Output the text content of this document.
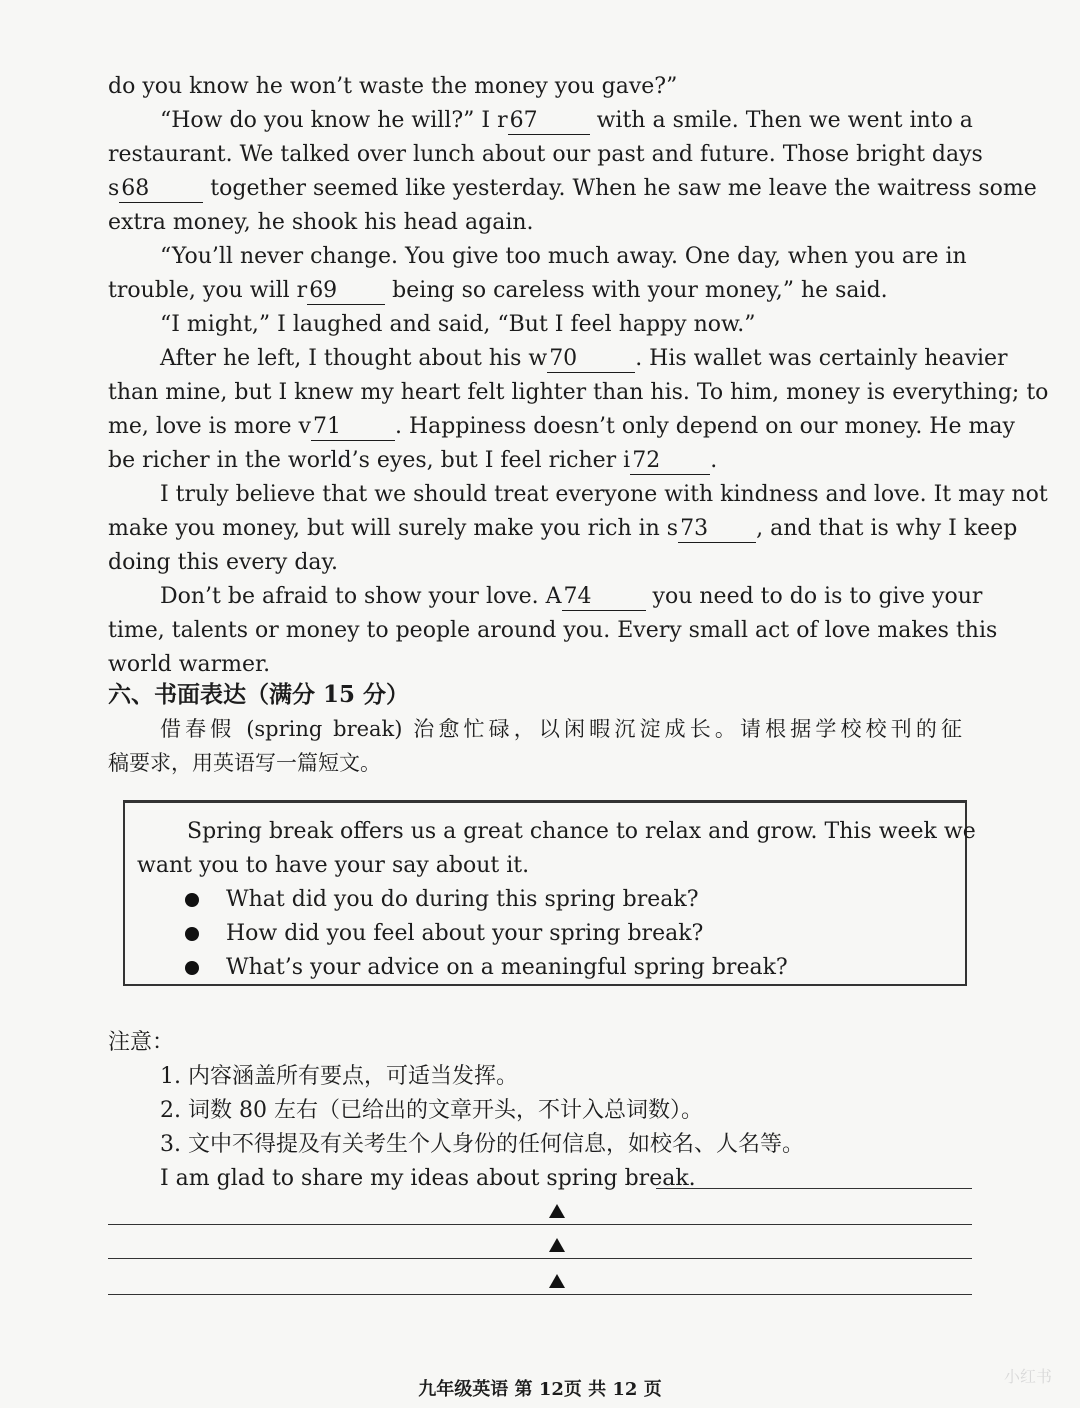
do you know he won’t waste the money you gave?”
“How do you know he will?” I r67 with a smile. Then we went into a
restaurant. We talked over lunch about our past and future. Those bright days
s68 together seemed like yesterday. When he saw me leave the waitress some
extra money, he shook his head again.
“You’ll never change. You give too much away. One day, when you are in
trouble, you will r69 being so careless with your money,” he said.
“I might,” I laughed and said, “But I feel happy now.”
After he left, I thought about his w70	. His wallet was certainly heavier
than mine, but I knew my heart felt lighter than his. To him, money is everything; to
me, love is more v71 . Happiness doesn’t only depend on our money. He may
be richer in the world’s eyes, but I feel richer i72 .
I truly believe that we should treat everyone with kindness and love. It may not
make you money, but will surely make you rich in s73 , and that is why I keep
doing this every day.
Don’t be afraid to show your love. A74 you need to do is to give your
time, talents or money to people around you. Every small act of love makes this
world warmer.
六、书面表达（满分 15 分）
借春假 (spring break) 治愈忙碌，以闲暇沉淀成长。请根据学校校刊的征
稿要求，用英语写一篇短文。
Spring break offers us a great chance to relax and grow. This week we
want you to have your say about it.
What did you do during this spring break?
How did you feel about your spring break?
What’s your advice on a meaningful spring break?
注意：
1. 内容涵盖所有要点，可适当发挥。
2. 词数 80 左右（已给出的文章开头，不计入总词数）。
3. 文中不得提及有关考生个人身份的任何信息，如校名、人名等。
I am glad to share my ideas about spring break.
小红书
九年级英语 第 12页 共 12 页
